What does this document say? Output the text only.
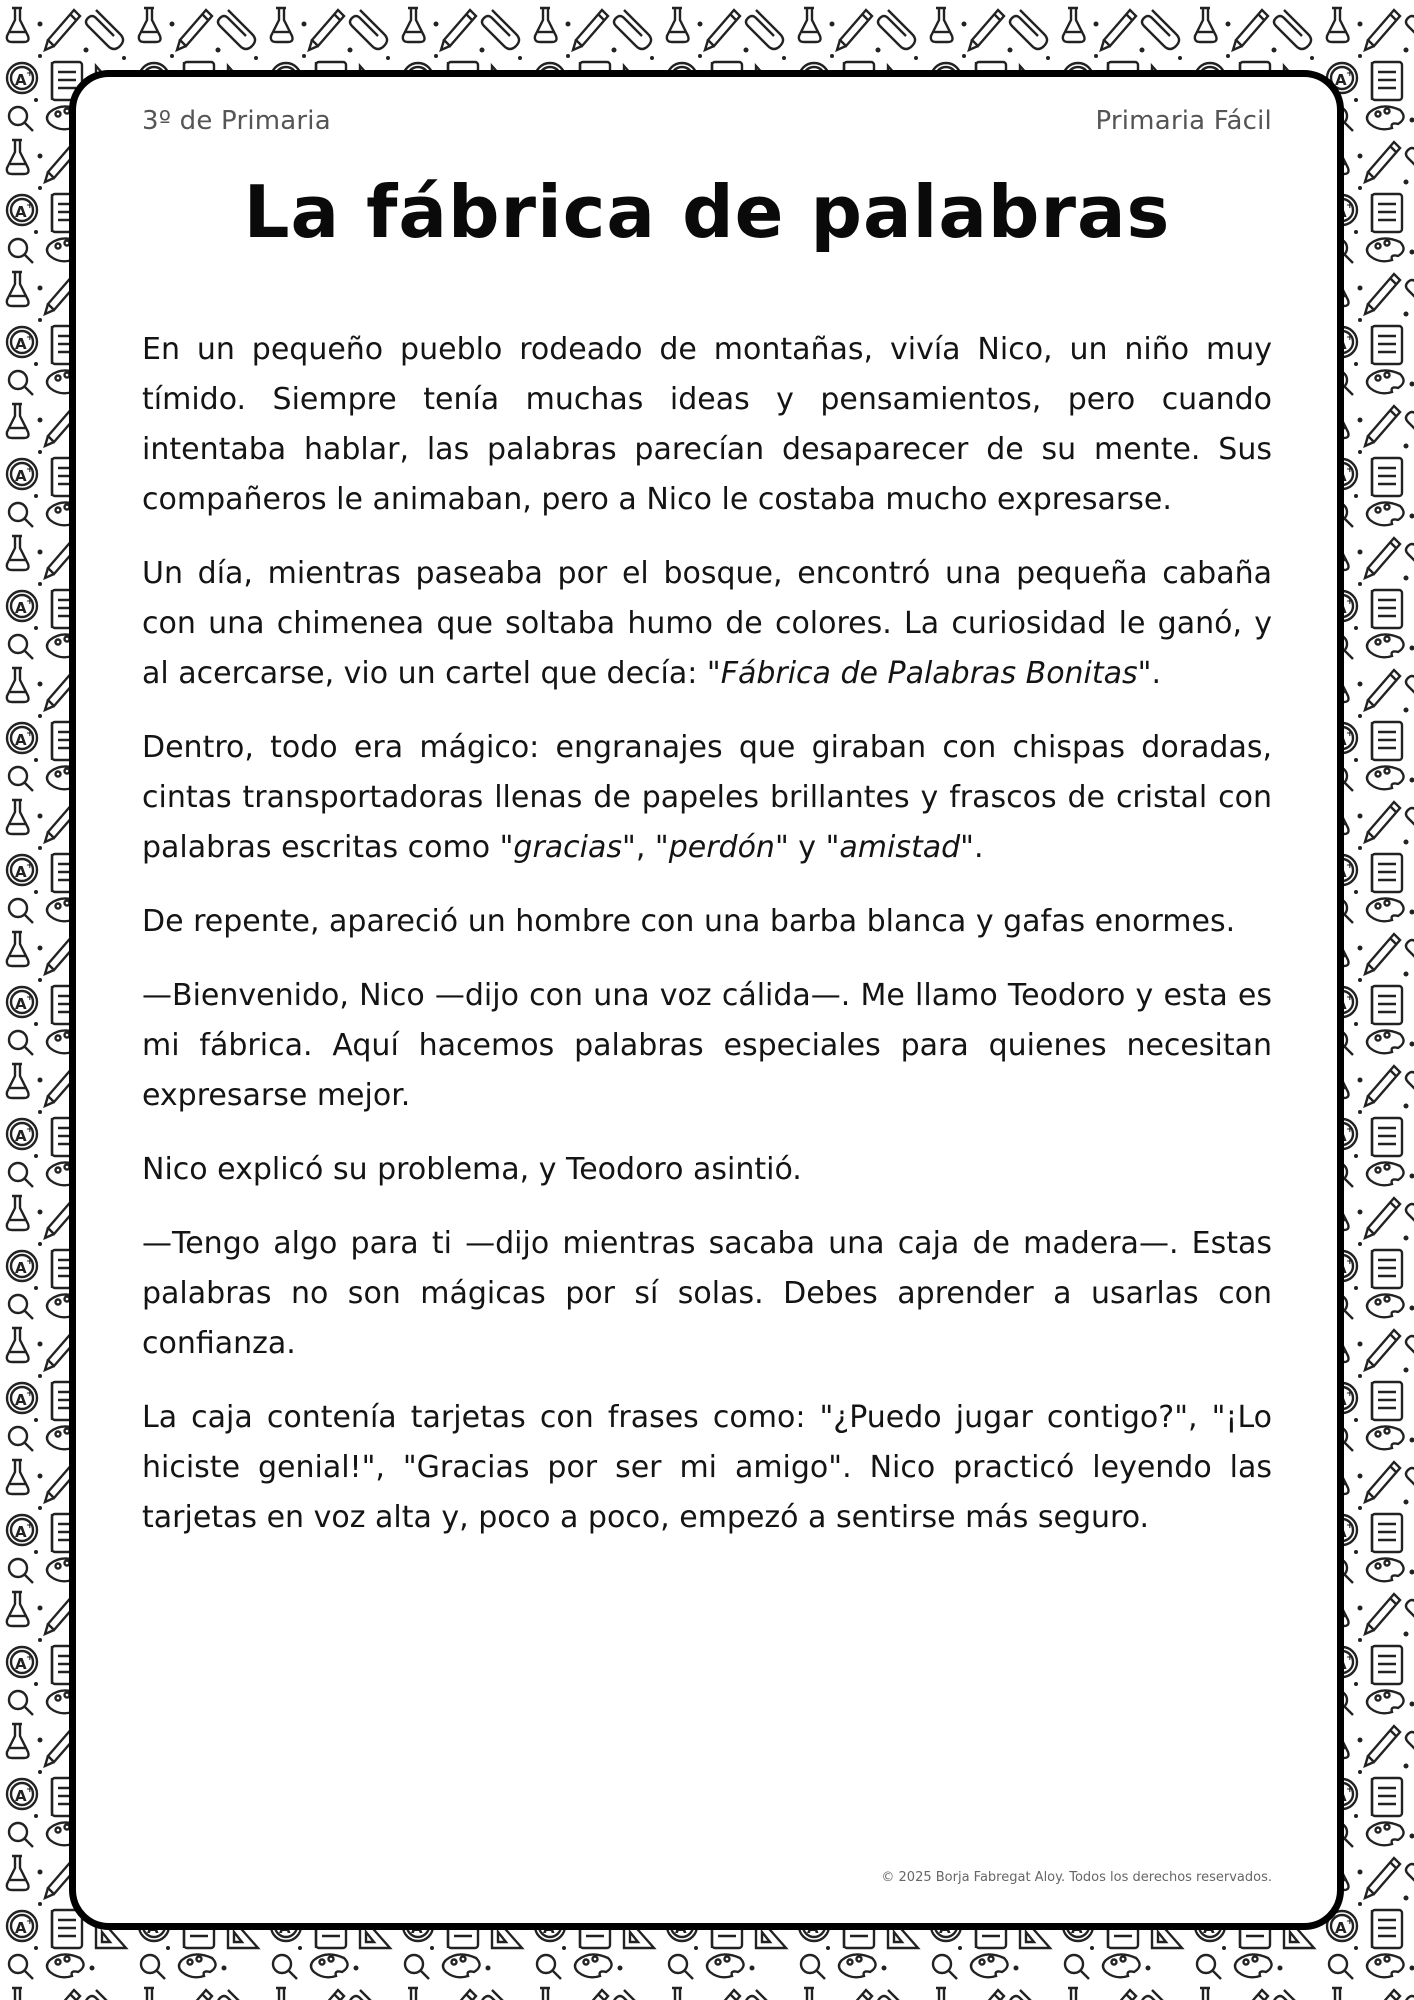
3º de Primaria	Primaria Fácil
La fábrica de palabras

En un pequeño pueblo rodeado de montañas, vivía Nico, un niño muy tímido. Siempre tenía muchas ideas y pensamientos, pero cuando intentaba hablar, las palabras parecían desaparecer de su mente. Sus compañeros le animaban, pero a Nico le costaba mucho expresarse.

Un día, mientras paseaba por el bosque, encontró una pequeña cabaña con una chimenea que soltaba humo de colores. La curiosidad le ganó, y al acercarse, vio un cartel que decía: "Fábrica de Palabras Bonitas".

Dentro, todo era mágico: engranajes que giraban con chispas doradas, cintas transportadoras llenas de papeles brillantes y frascos de cristal con palabras escritas como "gracias", "perdón" y "amistad".

De repente, apareció un hombre con una barba blanca y gafas enormes.

—Bienvenido, Nico —dijo con una voz cálida—. Me llamo Teodoro y esta es mi fábrica. Aquí hacemos palabras especiales para quienes necesitan expresarse mejor.

Nico explicó su problema, y Teodoro asintió.

—Tengo algo para ti —dijo mientras sacaba una caja de madera—. Estas palabras no son mágicas por sí solas. Debes aprender a usarlas con confianza.

La caja contenía tarjetas con frases como: "¿Puedo jugar contigo?", "¡Lo hiciste genial!", "Gracias por ser mi amigo". Nico practicó leyendo las tarjetas en voz alta y, poco a poco, empezó a sentirse más seguro.

© 2025 Borja Fabregat Aloy. Todos los derechos reservados.
